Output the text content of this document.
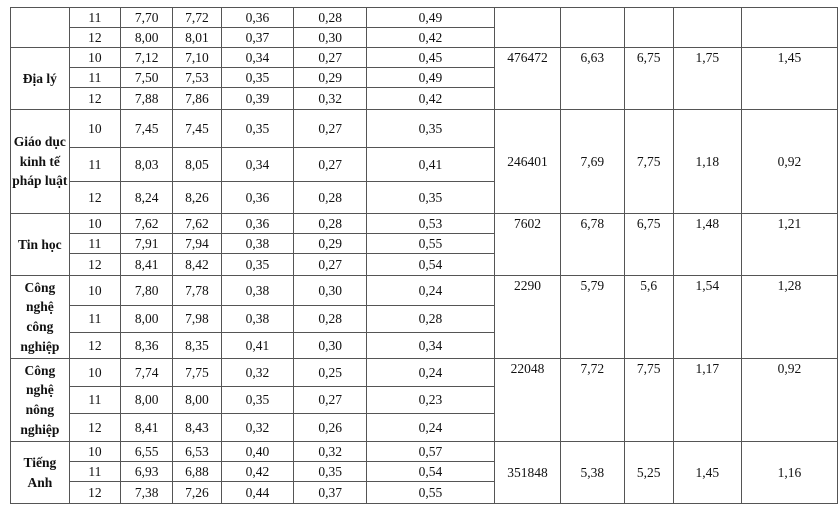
	11	7,70	7,72	0,36	0,28	0,49					
	12	8,00	8,01	0,37	0,30	0,42					
Địa lý	10	7,12	7,10	0,34	0,27	0,45	476472	6,63	6,75	1,75	1,45
	11	7,50	7,53	0,35	0,29	0,49					
	12	7,88	7,86	0,39	0,32	0,42					
Giáo dục kinh tế pháp luật	10	7,45	7,45	0,35	0,27	0,35	246401	7,69	7,75	1,18	0,92
	11	8,03	8,05	0,34	0,27	0,41					
	12	8,24	8,26	0,36	0,28	0,35					
Tin học	10	7,62	7,62	0,36	0,28	0,53	7602	6,78	6,75	1,48	1,21
	11	7,91	7,94	0,38	0,29	0,55					
	12	8,41	8,42	0,35	0,27	0,54					
Công nghệ công nghiệp	10	7,80	7,78	0,38	0,30	0,24	2290	5,79	5,6	1,54	1,28
	11	8,00	7,98	0,38	0,28	0,28					
	12	8,36	8,35	0,41	0,30	0,34					
Công nghệ nông nghiệp	10	7,74	7,75	0,32	0,25	0,24	22048	7,72	7,75	1,17	0,92
	11	8,00	8,00	0,35	0,27	0,23					
	12	8,41	8,43	0,32	0,26	0,24					
Tiếng Anh	10	6,55	6,53	0,40	0,32	0,57	351848	5,38	5,25	1,45	1,16
	11	6,93	6,88	0,42	0,35	0,54					
	12	7,38	7,26	0,44	0,37	0,55					
